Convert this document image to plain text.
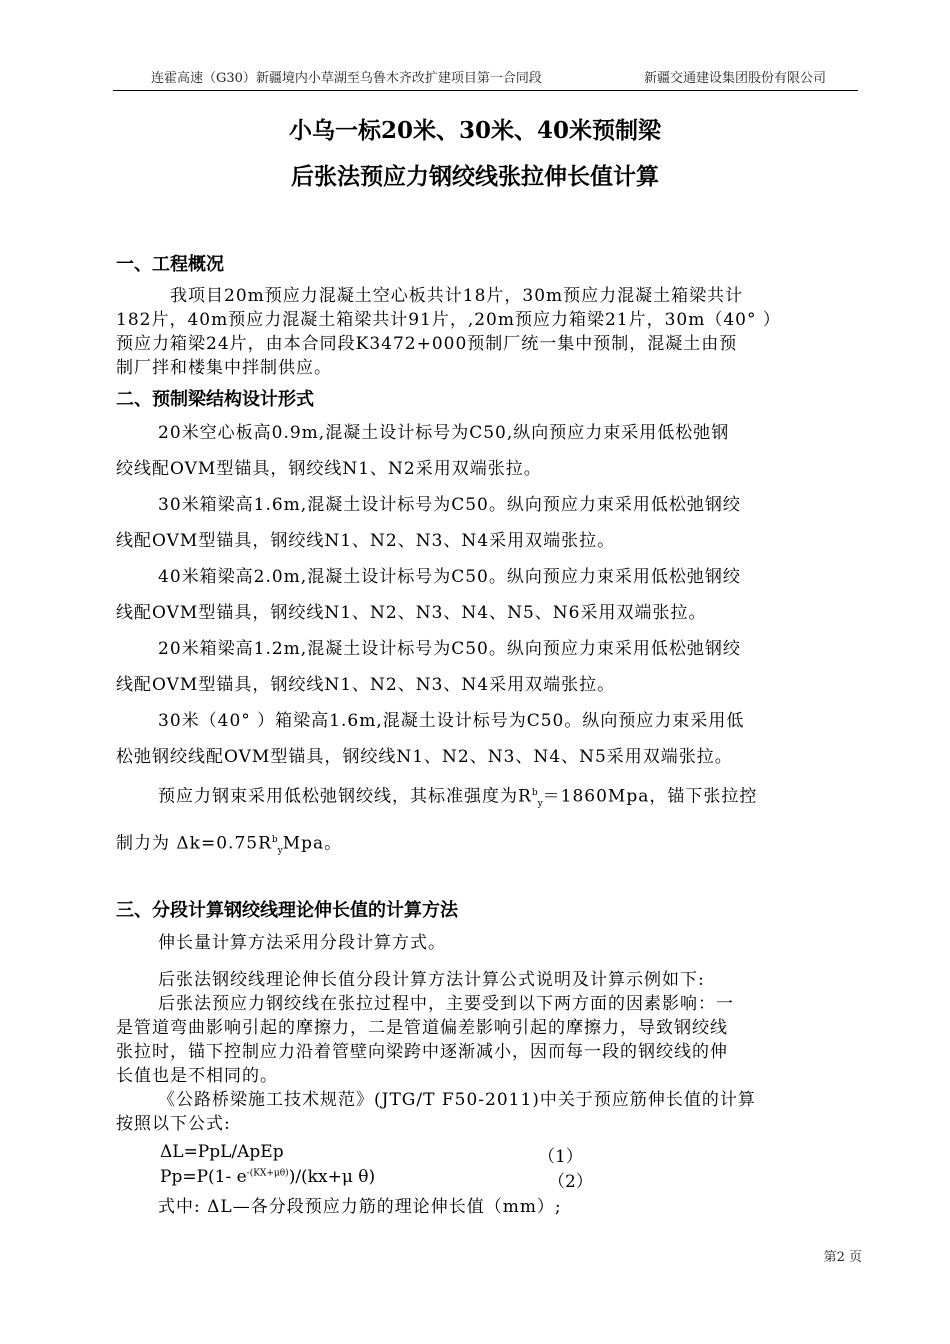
连霍高速（G30）新疆境内小草湖至乌鲁木齐改扩建项目第一合同段	新疆交通建设集团股份有限公司
小乌一标20米、30米、40米预制梁
后张法预应力钢绞线张拉伸长值计算
一、工程概况
我项目20m预应力混凝土空心板共计18片，30m预应力混凝土箱梁共计
182片，40m预应力混凝土箱梁共计91片，,20m预应力箱梁21片，30m（40° ）
预应力箱梁24片，由本合同段K3472+000预制厂统一集中预制，混凝土由预
制厂拌和楼集中拌制供应。
二、预制梁结构设计形式
20米空心板高0.9m,混凝土设计标号为C50,纵向预应力束采用低松弛钢
绞线配OVM型锚具，钢绞线N1、N2采用双端张拉。
30米箱梁高1.6m,混凝土设计标号为C50。纵向预应力束采用低松弛钢绞
线配OVM型锚具，钢绞线N1、N2、N3、N4采用双端张拉。
40米箱梁高2.0m,混凝土设计标号为C50。纵向预应力束采用低松弛钢绞
线配OVM型锚具，钢绞线N1、N2、N3、N4、N5、N6采用双端张拉。
20米箱梁高1.2m,混凝土设计标号为C50。纵向预应力束采用低松弛钢绞
线配OVM型锚具，钢绞线N1、N2、N3、N4采用双端张拉。
30米（40° ）箱梁高1.6m,混凝土设计标号为C50。纵向预应力束采用低
松弛钢绞线配OVM型锚具，钢绞线N1、N2、N3、N4、N5采用双端张拉。
预应力钢束采用低松弛钢绞线，其标准强度为$R^b_y=1860Mpa$，锚下张拉控
制力为 $\Delta k=0.75R^b_yMpa$。
三、分段计算钢绞线理论伸长值的计算方法
伸长量计算方法采用分段计算方式。
后张法钢绞线理论伸长值分段计算方法计算公式说明及计算示例如下:
后张法预应力钢绞线在张拉过程中，主要受到以下两方面的因素影响：一
是管道弯曲影响引起的摩擦力，二是管道偏差影响引起的摩擦力，导致钢绞线
张拉时，锚下控制应力沿着管壁向梁跨中逐渐减小，因而每一段的钢绞线的伸
长值也是不相同的。
《公路桥梁施工技术规范》(JTG/T F50-2011)中关于预应筋伸长值的计算
按照以下公式:
ΔL=PpL/ApEp	（1）
Pp=P(1- $e^{-(KX+\mu\theta)})/(kx+\mu$ θ)	（2）
式中: ΔL—各分段预应力筋的理论伸长值（mm）;
第2 页
